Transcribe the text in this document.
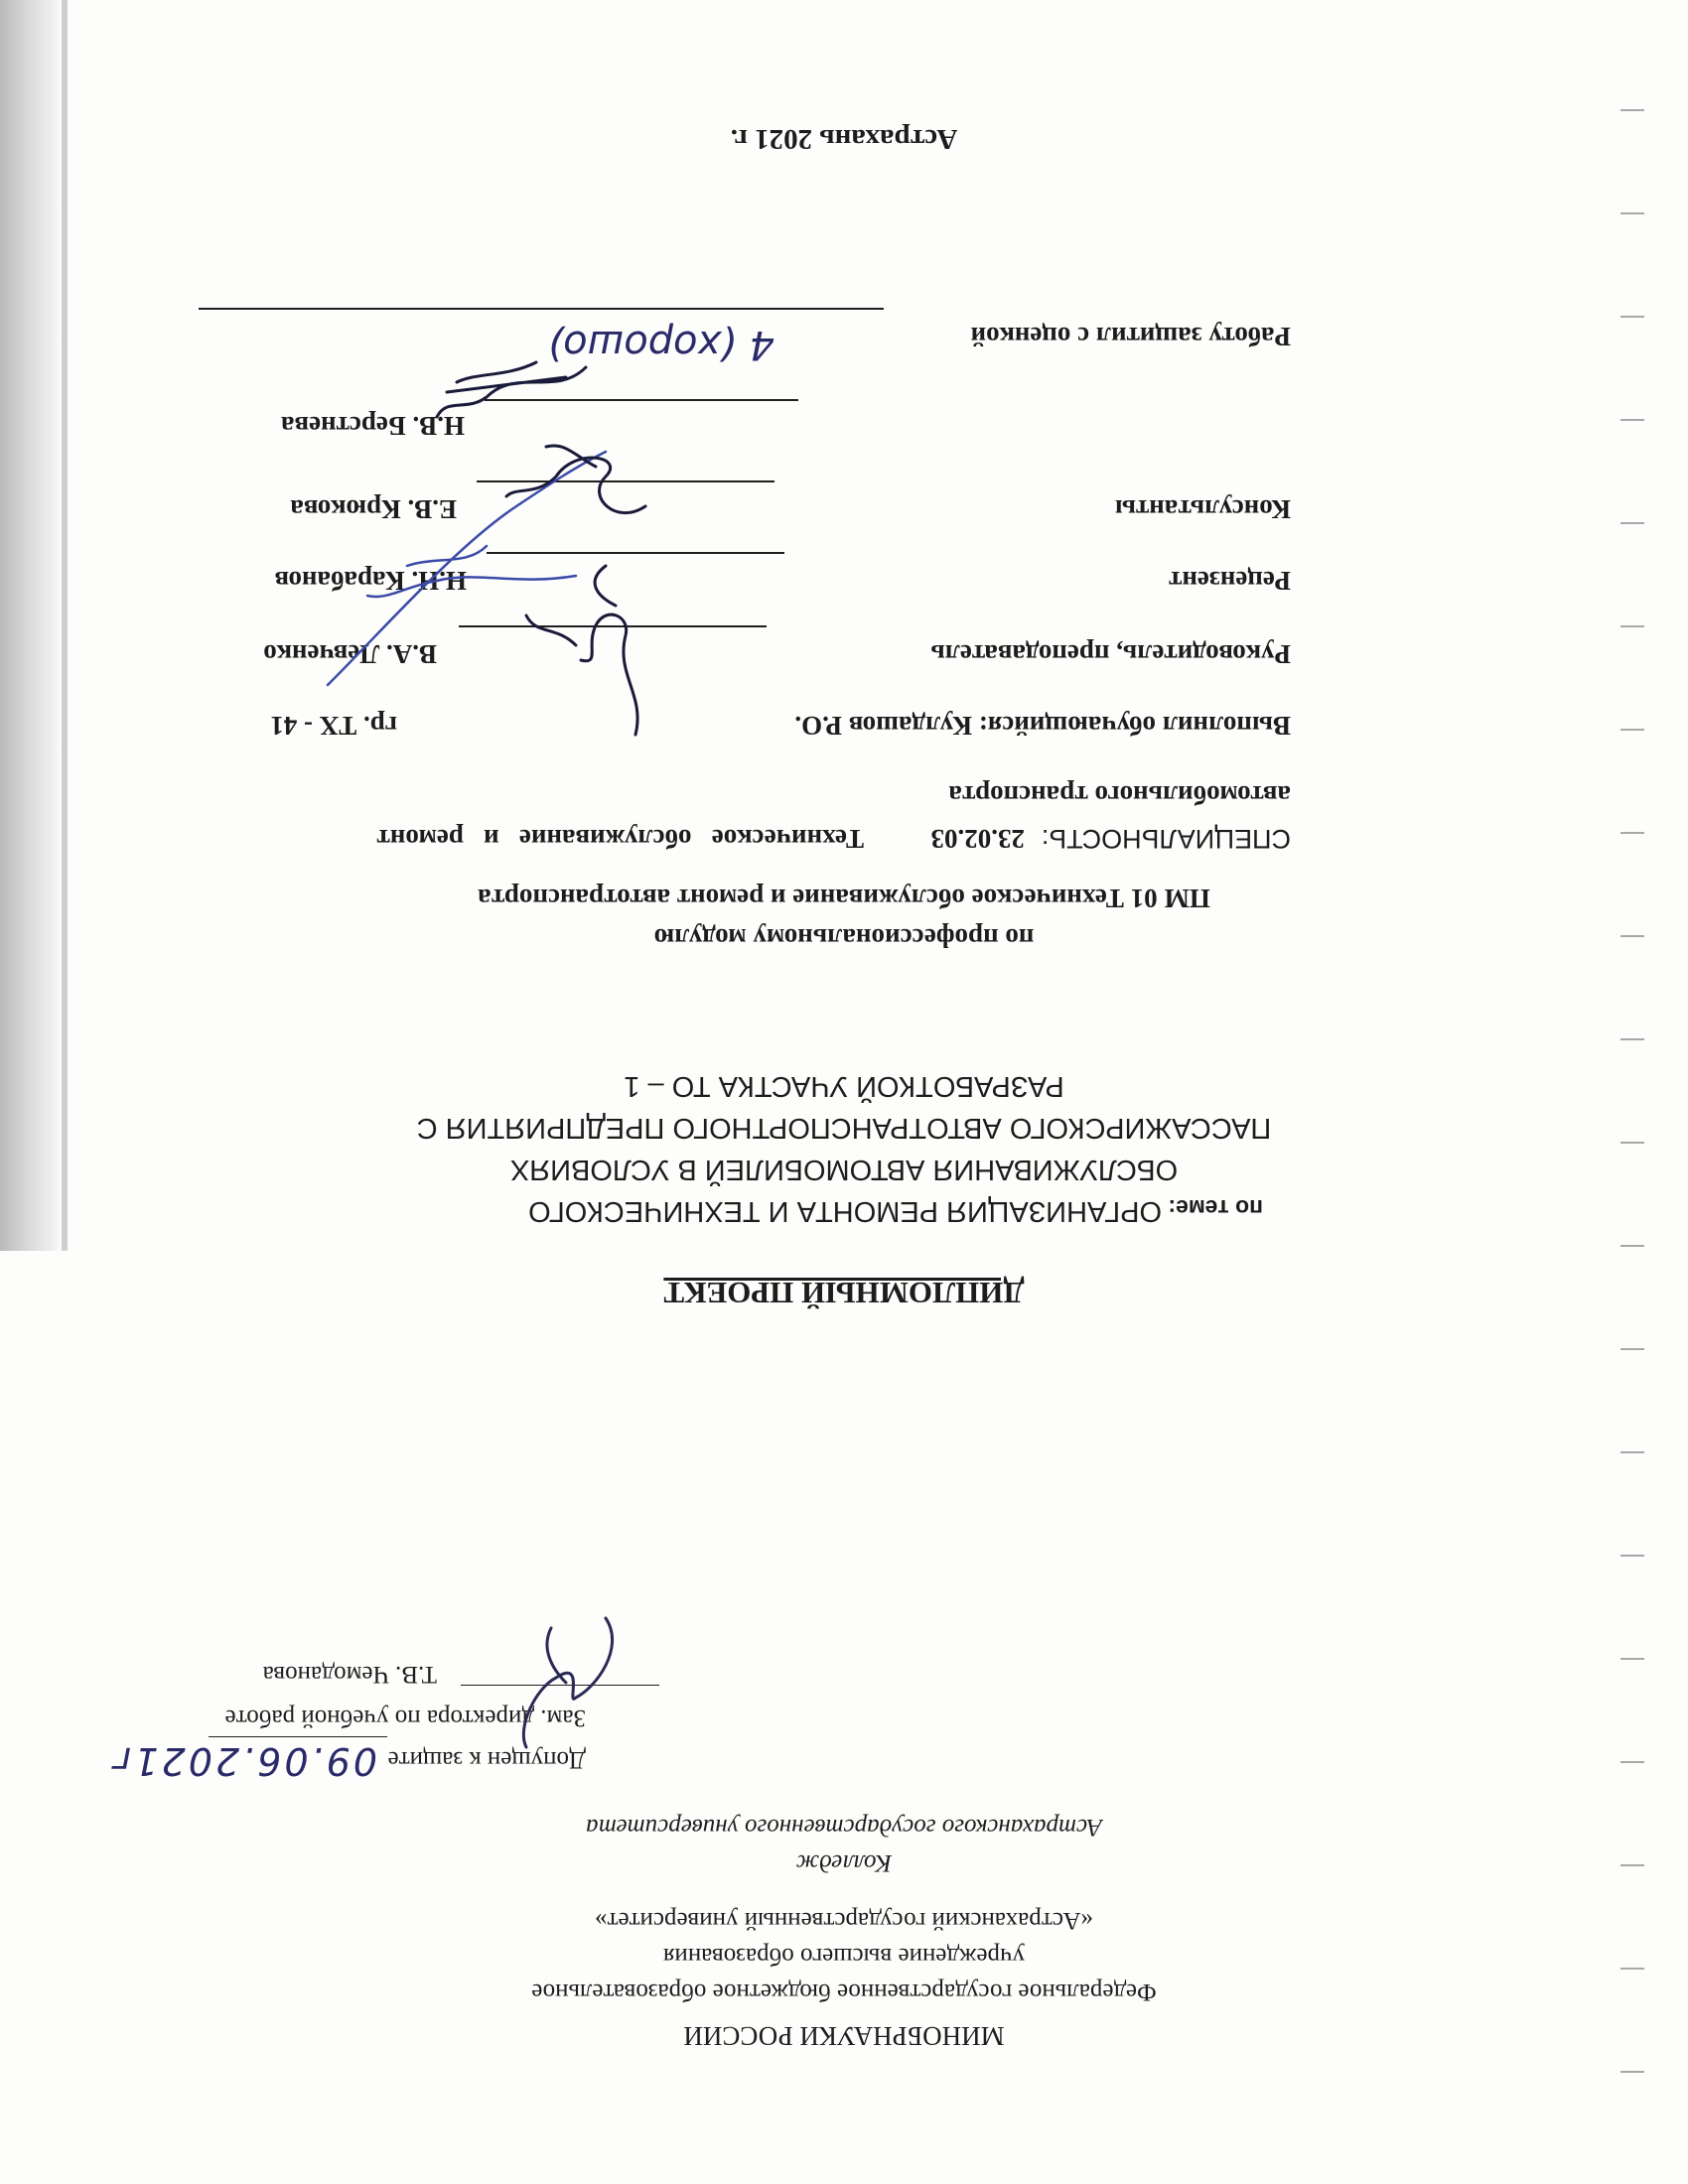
МИНОБРНАУКИ РОССИИ
Федеральное государственное бюджетное образовательное
учреждение высшего образования
«Астраханский государственный университет»
Колледж
Астраханского государственного университета
Допущен к защите
09.06.2021г
Зам. директора по учебной работе
Т.В. Чемоданова
ДИПЛОМНЫЙ ПРОЕКТ
по теме:
ОРГАНИЗАЦИЯ РЕМОНТА И ТЕХНИЧЕСКОГО
ОБСЛУЖИВАНИЯ АВТОМОБИЛЕЙ В УСЛОВИЯХ
ПАССАЖИРСКОГО АВТОТРАНСПОРТНОГО ПРЕДПРИЯТИЯ С
РАЗРАБОТКОЙ УЧАСТКА ТО – 1
по профессиональному модулю
ПМ 01 Техническое обслуживание и ремонт автотранспорта
СПЕЦИАЛЬНОСТЬ:
23.02.03
Техническое   обслуживание   и   ремонт
автомобильного транспорта
Выполнил обучающийся: Кулдашов Р.О.
гр. ТХ - 41
Руководитель, преподаватель
В.А. Левченко
Рецензент
Н.Н. Карабанов
Консультанты
Е.В. Крюкова
Н.В. Берстнева
Работу защитил с оценкой
4 (хорошо)
Астрахань 2021 г.
